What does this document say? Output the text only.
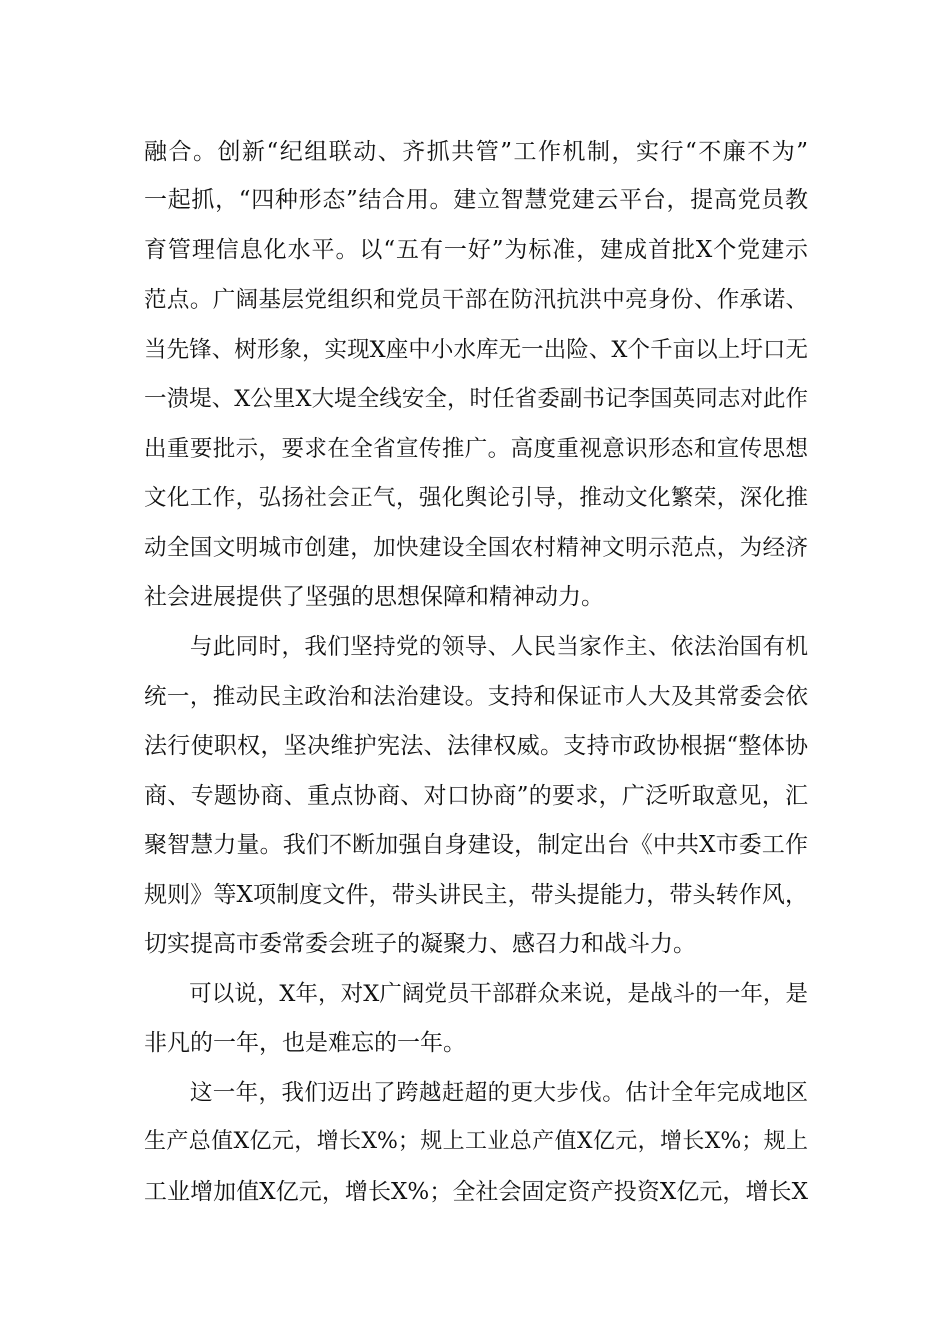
融合。创新“纪组联动、齐抓共管”工作机制，实行“不廉不为”
一起抓，“四种形态”结合用。建立智慧党建云平台，提高党员教
育管理信息化水平。以“五有一好”为标准，建成首批X个党建示
范点。广阔基层党组织和党员干部在防汛抗洪中亮身份、作承诺、
当先锋、树形象，实现X座中小水库无一出险、X个千亩以上圩口无
一溃堤、X公里X大堤全线安全，时任省委副书记李国英同志对此作
出重要批示，要求在全省宣传推广。高度重视意识形态和宣传思想
文化工作，弘扬社会正气，强化舆论引导，推动文化繁荣，深化推
动全国文明城市创建，加快建设全国农村精神文明示范点，为经济
社会进展提供了坚强的思想保障和精神动力。
　　与此同时，我们坚持党的领导、人民当家作主、依法治国有机
统一，推动民主政治和法治建设。支持和保证市人大及其常委会依
法行使职权，坚决维护宪法、法律权威。支持市政协根据“整体协
商、专题协商、重点协商、对口协商”的要求，广泛听取意见，汇
聚智慧力量。我们不断加强自身建设，制定出台《中共X市委工作
规则》等X项制度文件，带头讲民主，带头提能力，带头转作风，
切实提高市委常委会班子的凝聚力、感召力和战斗力。
　　可以说，X年，对X广阔党员干部群众来说，是战斗的一年，是
非凡的一年，也是难忘的一年。
　　这一年，我们迈出了跨越赶超的更大步伐。估计全年完成地区
生产总值X亿元，增长X%；规上工业总产值X亿元，增长X%；规上
工业增加值X亿元，增长X%；全社会固定资产投资X亿元，增长X
